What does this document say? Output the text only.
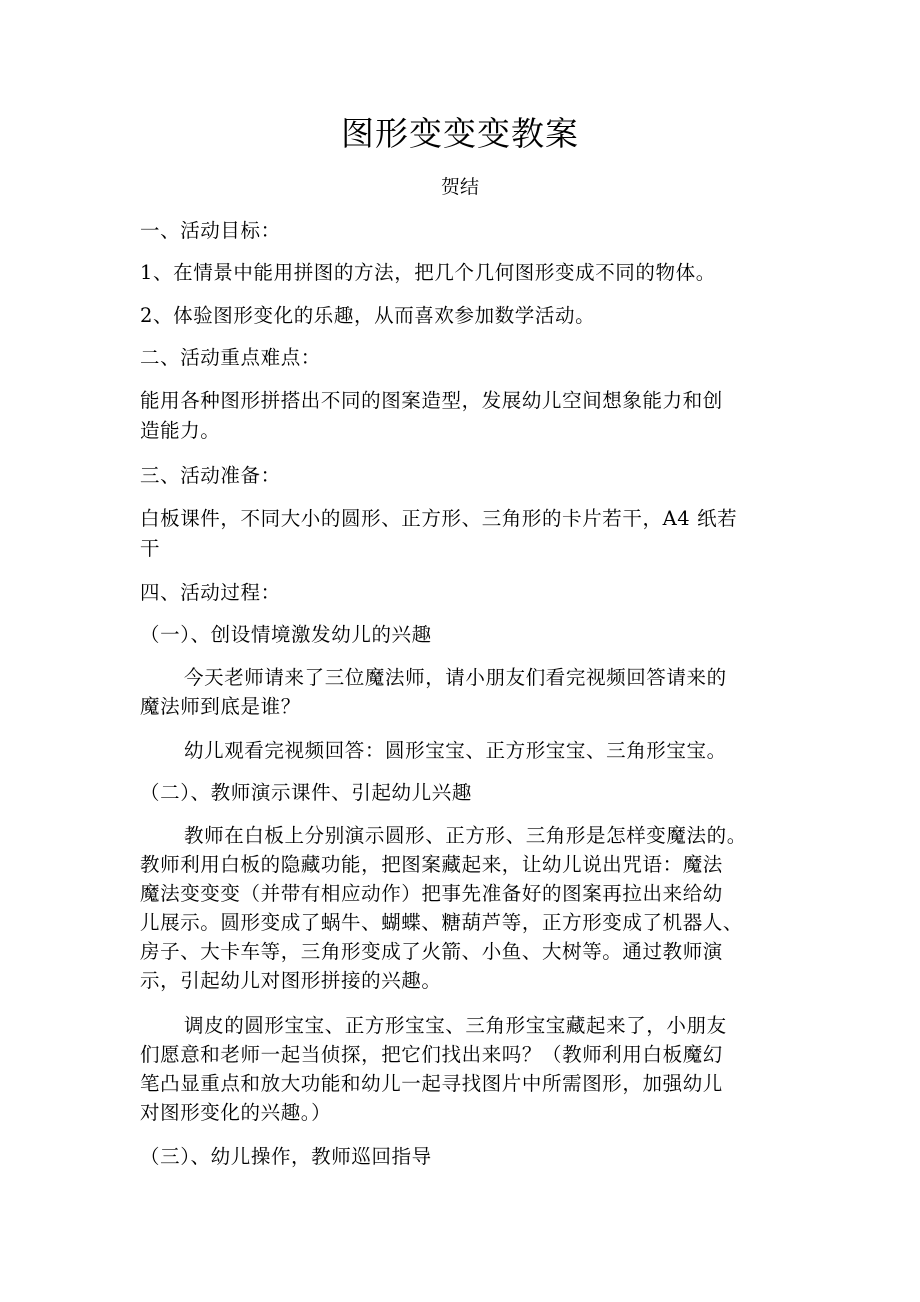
图形变变变教案
贺结
一、活动目标：
1、在情景中能用拼图的方法，把几个几何图形变成不同的物体。
2、体验图形变化的乐趣，从而喜欢参加数学活动。
二、活动重点难点：
能用各种图形拼搭出不同的图案造型，发展幼儿空间想象能力和创
造能力。
三、活动准备：
白板课件，不同大小的圆形、正方形、三角形的卡片若干，A4 纸若
干
四、活动过程：
（一）、创设情境激发幼儿的兴趣
今天老师请来了三位魔法师，请小朋友们看完视频回答请来的
魔法师到底是谁？
幼儿观看完视频回答：圆形宝宝、正方形宝宝、三角形宝宝。
（二）、教师演示课件、引起幼儿兴趣
教师在白板上分别演示圆形、正方形、三角形是怎样变魔法的。
教师利用白板的隐藏功能，把图案藏起来，让幼儿说出咒语：魔法
魔法变变变（并带有相应动作）把事先准备好的图案再拉出来给幼
儿展示。圆形变成了蜗牛、蝴蝶、糖葫芦等，正方形变成了机器人、
房子、大卡车等，三角形变成了火箭、小鱼、大树等。通过教师演
示，引起幼儿对图形拼接的兴趣。
调皮的圆形宝宝、正方形宝宝、三角形宝宝藏起来了，小朋友
们愿意和老师一起当侦探，把它们找出来吗？（教师利用白板魔幻
笔凸显重点和放大功能和幼儿一起寻找图片中所需图形，加强幼儿
对图形变化的兴趣。）
（三）、幼儿操作，教师巡回指导
